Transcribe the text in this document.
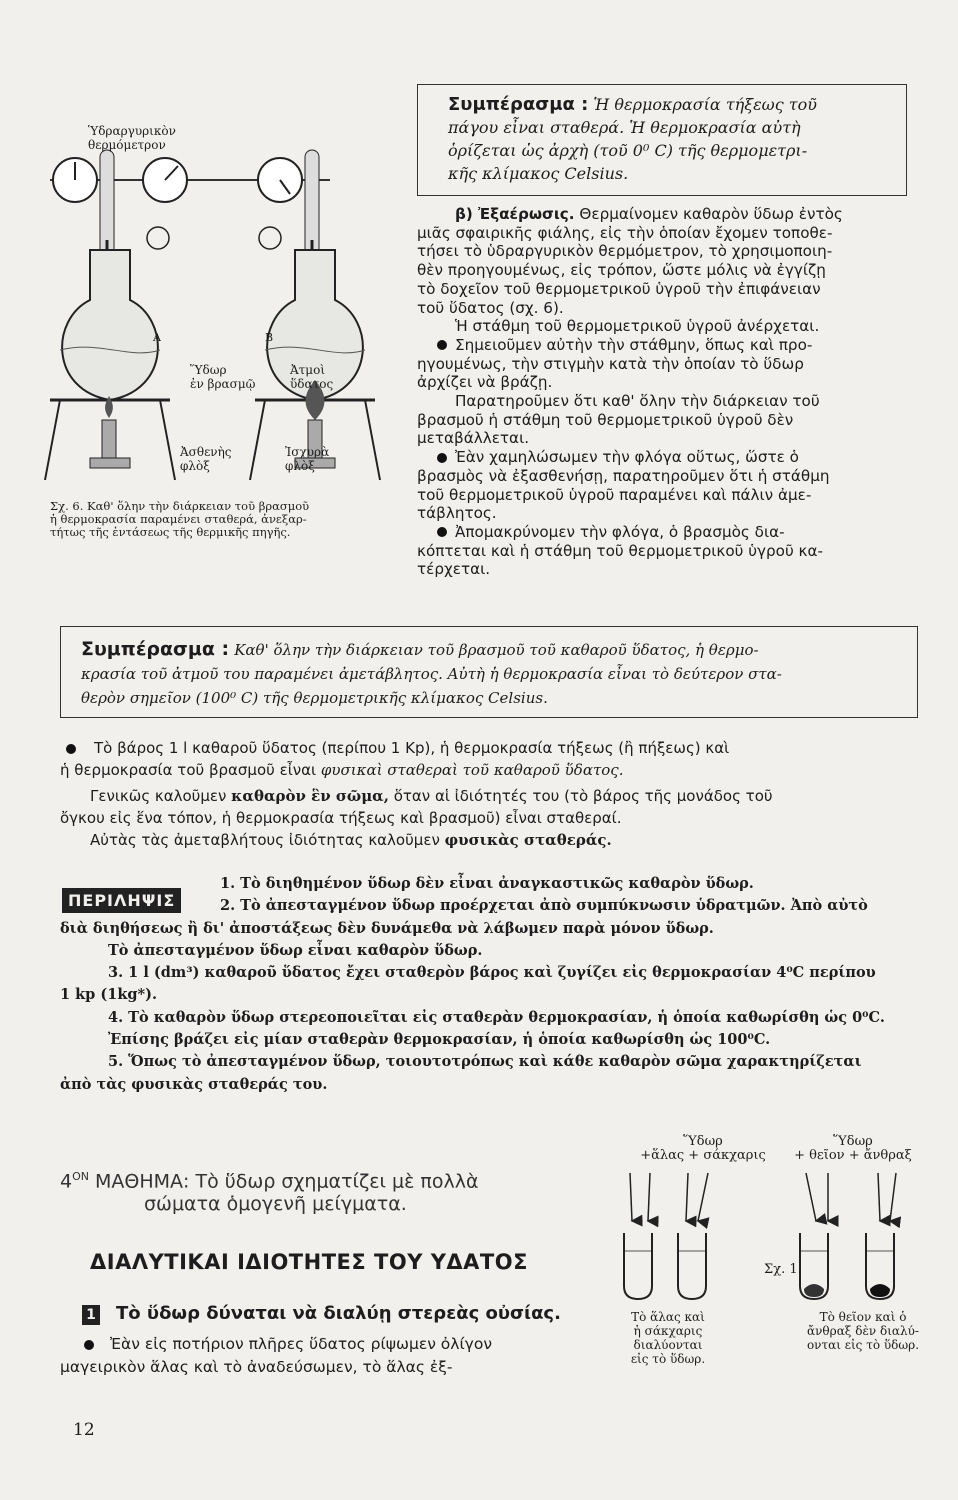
Ὑδραργυρικὸν
θερμόμετρον
A	B
Ὕδωρ
ἐν βρασμῷ
Ἀτμοὶ
ὕδατος
Ἀσθενὴς
φλὸξ
Ἰσχυρὰ
φλὸξ
Σχ. 6. Καθ' ὅλην τὴν διάρκειαν τοῦ βρασμοῦ
ἡ θερμοκρασία παραμένει σταθερά, ἀνεξαρ-
τήτως τῆς ἐντάσεως τῆς θερμικῆς πηγῆς.
Συμπέρασμα : Ἡ θερμοκρασία τήξεως τοῦ
πάγου εἶναι σταθερά. Ἡ θερμοκρασία αὐτὴ
ὁρίζεται ὡς ἀρχὴ (τοῦ 0⁰ C) τῆς θερμομετρι-
κῆς κλίμακος Celsius.

β) Ἐξαέρωσις. Θερμαίνομεν καθαρὸν ὕδωρ ἐντὸς

μιᾶς σφαιρικῆς φιάλης, εἰς τὴν ὁποίαν ἔχομεν τοποθε-

τήσει τὸ ὑδραργυρικὸν θερμόμετρον, τὸ χρησιμοποιη-

θὲν προηγουμένως, εἰς τρόπον, ὥστε μόλις νὰ ἐγγίζῃ

τὸ δοχεῖον τοῦ θερμομετρικοῦ ὑγροῦ τὴν ἐπιφάνειαν

τοῦ ὕδατος (σχ. 6).

Ἡ στάθμη τοῦ θερμομετρικοῦ ὑγροῦ ἀνέρχεται.

Σημειοῦμεν αὐτὴν τὴν στάθμην, ὅπως καὶ προ-

ηγουμένως, τὴν στιγμὴν κατὰ τὴν ὁποίαν τὸ ὕδωρ

ἀρχίζει νὰ βράζῃ.

Παρατηροῦμεν ὅτι καθ' ὅλην τὴν διάρκειαν τοῦ

βρασμοῦ ἡ στάθμη τοῦ θερμομετρικοῦ ὑγροῦ δὲν

μεταβάλλεται.

Ἐὰν χαμηλώσωμεν τὴν φλόγα οὕτως, ὥστε ὁ

βρασμὸς νὰ ἐξασθενήσῃ, παρατηροῦμεν ὅτι ἡ στάθμη

τοῦ θερμομετρικοῦ ὑγροῦ παραμένει καὶ πάλιν ἀμε-

τάβλητος.

Ἀπομακρύνομεν τὴν φλόγα, ὁ βρασμὸς δια-

κόπτεται καὶ ἡ στάθμη τοῦ θερμομετρικοῦ ὑγροῦ κα-

τέρχεται.

Συμπέρασμα : Καθ' ὅλην τὴν διάρκειαν τοῦ βρασμοῦ τοῦ καθαροῦ ὕδατος, ἡ θερμο-
κρασία τοῦ ἀτμοῦ του παραμένει ἀμετάβλητος. Αὐτὴ ἡ θερμοκρασία εἶναι τὸ δεύτερον στα-
θερὸν σημεῖον (100⁰ C) τῆς θερμομετρικῆς κλίμακος Celsius.

Τὸ βάρος 1 l καθαροῦ ὕδατος (περίπου 1 Kp), ἡ θερμοκρασία τήξεως (ἢ πήξεως) καὶ

ἡ θερμοκρασία τοῦ βρασμοῦ εἶναι φυσικαὶ σταθεραὶ τοῦ καθαροῦ ὕδατος.

Γενικῶς καλοῦμεν καθαρὸν ἓν σῶμα, ὅταν αἱ ἰδιότητές του (τὸ βάρος τῆς μονάδος τοῦ

ὄγκου εἰς ἕνα τόπον, ἡ θερμοκρασία τήξεως καὶ βρασμοῦ) εἶναι σταθεραί.

Αὐτὰς τὰς ἀμεταβλήτους ἰδιότητας καλοῦμεν φυσικὰς σταθεράς.

ΠΕΡΙΛΗΨΙΣ

1. Τὸ διηθημένον ὕδωρ δὲν εἶναι ἀναγκαστικῶς καθαρὸν ὕδωρ.

2. Τὸ ἀπεσταγμένον ὕδωρ προέρχεται ἀπὸ συμπύκνωσιν ὑδρατμῶν. Ἀπὸ αὐτὸ

διὰ διηθήσεως ἢ δι' ἀποστάξεως δὲν δυνάμεθα νὰ λάβωμεν παρὰ μόνον ὕδωρ.

Τὸ ἀπεσταγμένον ὕδωρ εἶναι καθαρὸν ὕδωρ.

3. 1 l (dm³) καθαροῦ ὕδατος ἔχει σταθερὸν βάρος καὶ ζυγίζει εἰς θερμοκρασίαν 4⁰C περίπου

1 kp (1kg*).

4. Τὸ καθαρὸν ὕδωρ στερεοποιεῖται εἰς σταθερὰν θερμοκρασίαν, ἡ ὁποία καθωρίσθη ὡς 0⁰C.

Ἐπίσης βράζει εἰς μίαν σταθερὰν θερμοκρασίαν, ἡ ὁποία καθωρίσθη ὡς 100⁰C.

5. Ὅπως τὸ ἀπεσταγμένον ὕδωρ, τοιουτοτρόπως καὶ κάθε καθαρὸν σῶμα χαρακτηρίζεται

ἀπὸ τὰς φυσικὰς σταθεράς του.

$4^{ON}$ ΜΑΘΗΜΑ: Τὸ ὕδωρ σχηματίζει μὲ πολλὰ
σώματα ὁμογενῆ μείγματα.
ΔΙΑΛΥΤΙΚΑΙ ΙΔΙΟΤΗΤΕΣ ΤΟΥ ΥΔΑΤΟΣ
1 Τὸ ὕδωρ δύναται νὰ διαλύῃ στερεὰς οὐσίας.

Ἐὰν εἰς ποτήριον πλῆρες ὕδατος ρίψωμεν ὀλίγον

μαγειρικὸν ἅλας καὶ τὸ ἀναδεύσωμεν, τὸ ἅλας ἐξ-

Ὕδωρ
+ἅλας + σάκχαρις
Ὕδωρ
+ θεῖον + ἄνθραξ
Σχ. 1.
Τὸ ἅλας καὶ
ἡ σάκχαρις
διαλύονται
εἰς τὸ ὕδωρ.
Τὸ θεῖον καὶ ὁ
ἄνθραξ δὲν διαλύ-
ονται εἰς τὸ ὕδωρ.
12
